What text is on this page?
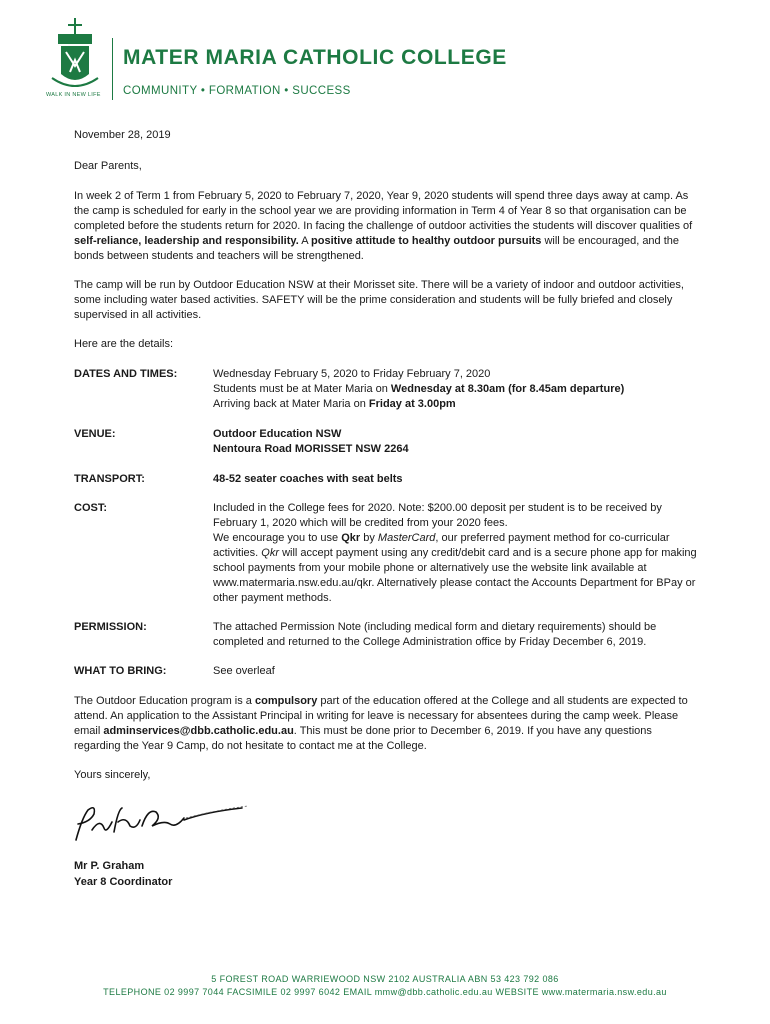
WALK IN NEW LIFE
MATER MARIA CATHOLIC COLLEGE
COMMUNITY • FORMATION • SUCCESS
November 28, 2019
Dear Parents,
In week 2 of Term 1 from February 5, 2020 to February 7, 2020, Year 9, 2020 students will spend three days away at camp. As the camp is scheduled for early in the school year we are providing information in Term 4 of Year 8 so that organisation can be completed before the students return for 2020. In facing the challenge of outdoor activities the students will discover qualities of self-reliance, leadership and responsibility. A positive attitude to healthy outdoor pursuits will be encouraged, and the bonds between students and teachers will be strengthened.
The camp will be run by Outdoor Education NSW at their Morisset site. There will be a variety of indoor and outdoor activities, some including water based activities. SAFETY will be the prime consideration and students will be fully briefed and closely supervised in all activities.
Here are the details:
DATES AND TIMES:	Wednesday February 5, 2020 to Friday February 7, 2020
Students must be at Mater Maria on Wednesday at 8.30am (for 8.45am departure)
Arriving back at Mater Maria on Friday at 3.00pm
VENUE:	Outdoor Education NSW
Nentoura Road MORISSET NSW 2264
TRANSPORT:	48-52 seater coaches with seat belts
COST:	Included in the College fees for 2020. Note: $200.00 deposit per student is to be received by February 1, 2020 which will be credited from your 2020 fees.
We encourage you to use Qkr by MasterCard, our preferred payment method for co-curricular activities. Qkr will accept payment using any credit/debit card and is a secure phone app for making school payments from your mobile phone or alternatively use the website link available at www.matermaria.nsw.edu.au/qkr. Alternatively please contact the Accounts Department for BPay or other payment methods.
PERMISSION:	The attached Permission Note (including medical form and dietary requirements) should be completed and returned to the College Administration office by Friday December 6, 2019.
WHAT TO BRING:	See overleaf
The Outdoor Education program is a compulsory part of the education offered at the College and all students are expected to attend. An application to the Assistant Principal in writing for leave is necessary for absentees during the camp week. Please email adminservices@dbb.catholic.edu.au. This must be done prior to December 6, 2019. If you have any questions regarding the Year 9 Camp, do not hesitate to contact me at the College.
Yours sincerely,
Mr P. Graham
Year 8 Coordinator
5 FOREST ROAD WARRIEWOOD NSW 2102 AUSTRALIA ABN 53 423 792 086
TELEPHONE 02 9997 7044 FACSIMILE 02 9997 6042 EMAIL mmw@dbb.catholic.edu.au WEBSITE www.matermaria.nsw.edu.au
